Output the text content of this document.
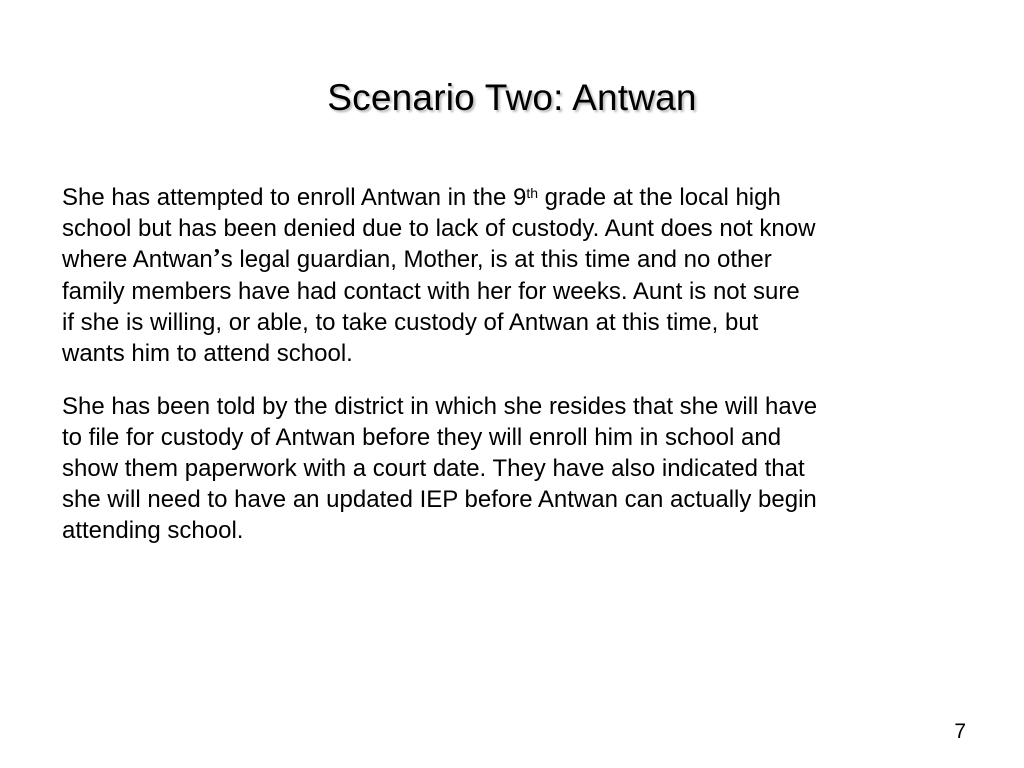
Scenario Two: Antwan

She has attempted to enroll Antwan in the 9th grade at the local high
school but has been denied due to lack of custody. Aunt does not know
where Antwan’s legal guardian, Mother, is at this time and no other
family members have had contact with her for weeks. Aunt is not sure
if she is willing, or able, to take custody of Antwan at this time, but
wants him to attend school.

She has been told by the district in which she resides that she will have
to file for custody of Antwan before they will enroll him in school and
show them paperwork with a court date. They have also indicated that
she will need to have an updated IEP before Antwan can actually begin
attending school.

7
